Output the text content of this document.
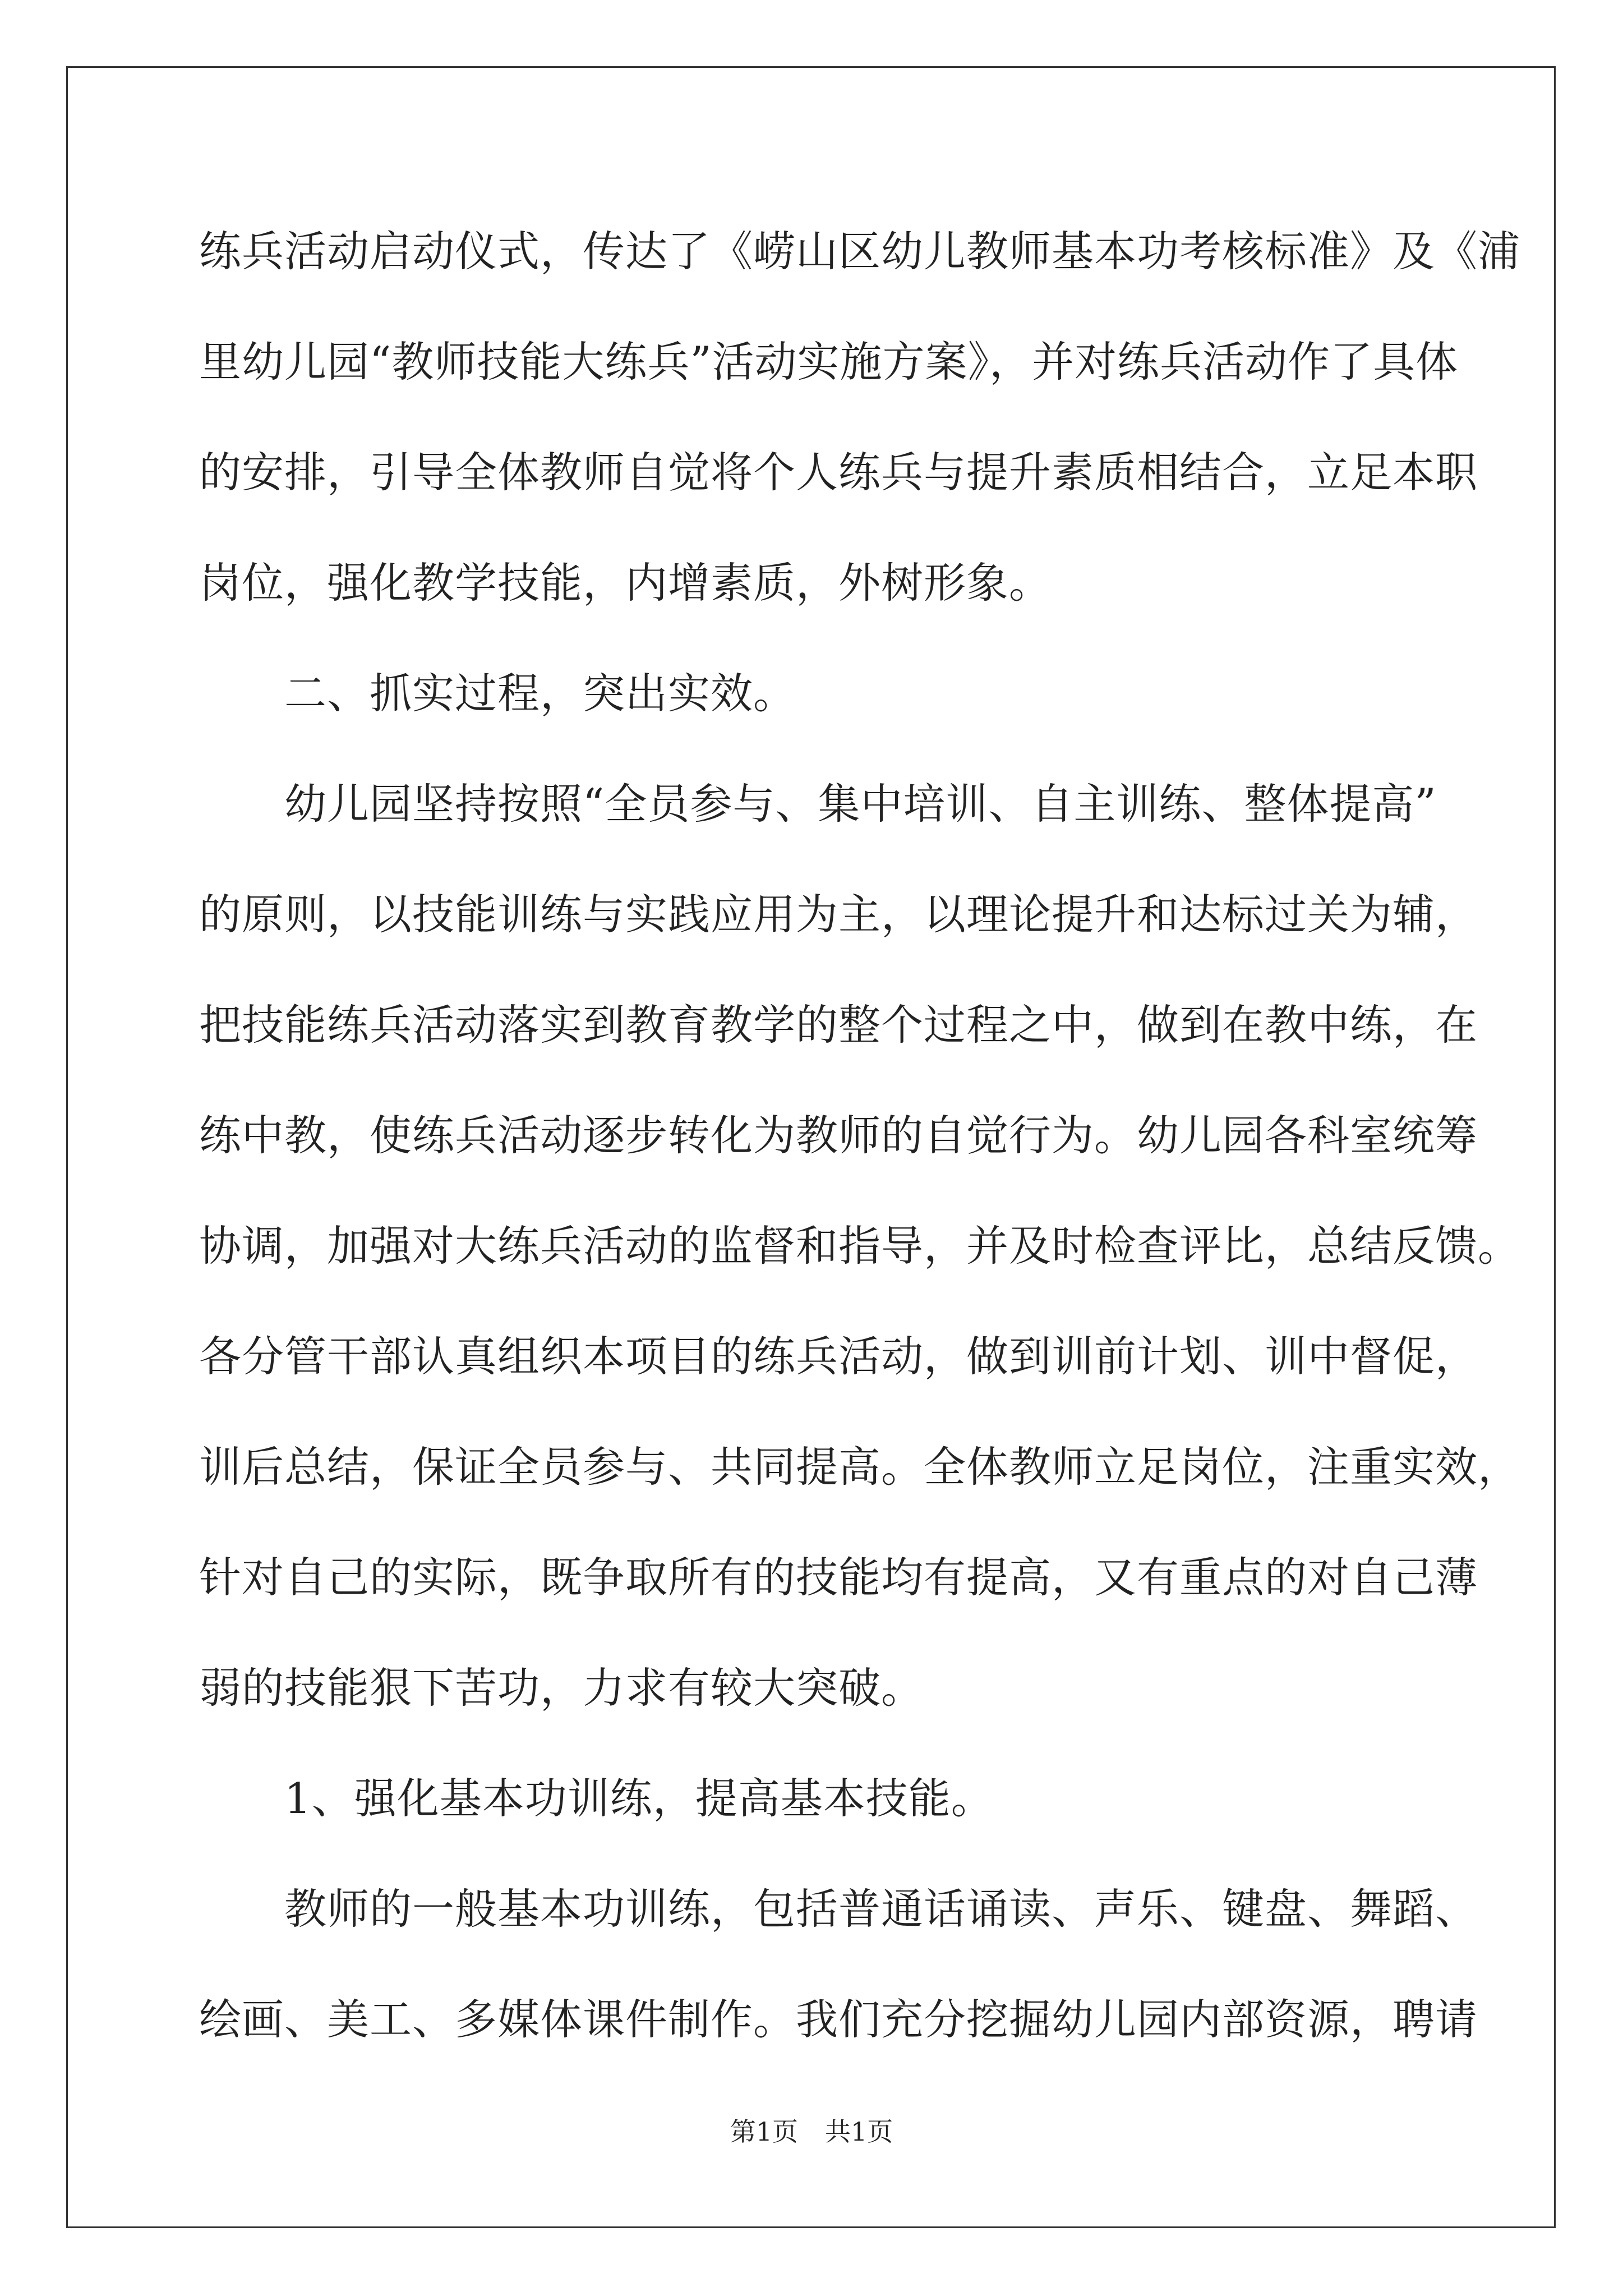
练兵活动启动仪式，传达了《崂山区幼儿教师基本功考核标准》及《浦

里幼儿园“教师技能大练兵”活动实施方案》，并对练兵活动作了具体

的安排，引导全体教师自觉将个人练兵与提升素质相结合，立足本职

岗位，强化教学技能，内增素质，外树形象。

　　二、抓实过程，突出实效。

　　幼儿园坚持按照“全员参与、集中培训、自主训练、整体提高”

的原则，以技能训练与实践应用为主，以理论提升和达标过关为辅，

把技能练兵活动落实到教育教学的整个过程之中，做到在教中练，在

练中教，使练兵活动逐步转化为教师的自觉行为。幼儿园各科室统筹

协调，加强对大练兵活动的监督和指导，并及时检查评比，总结反馈。

各分管干部认真组织本项目的练兵活动，做到训前计划、训中督促，

训后总结，保证全员参与、共同提高。全体教师立足岗位，注重实效，

针对自己的实际，既争取所有的技能均有提高，又有重点的对自己薄

弱的技能狠下苦功，力求有较大突破。

　　1、强化基本功训练，提高基本技能。

　　教师的一般基本功训练，包括普通话诵读、声乐、键盘、舞蹈、

绘画、美工、多媒体课件制作。我们充分挖掘幼儿园内部资源，聘请

第1页 共1页
